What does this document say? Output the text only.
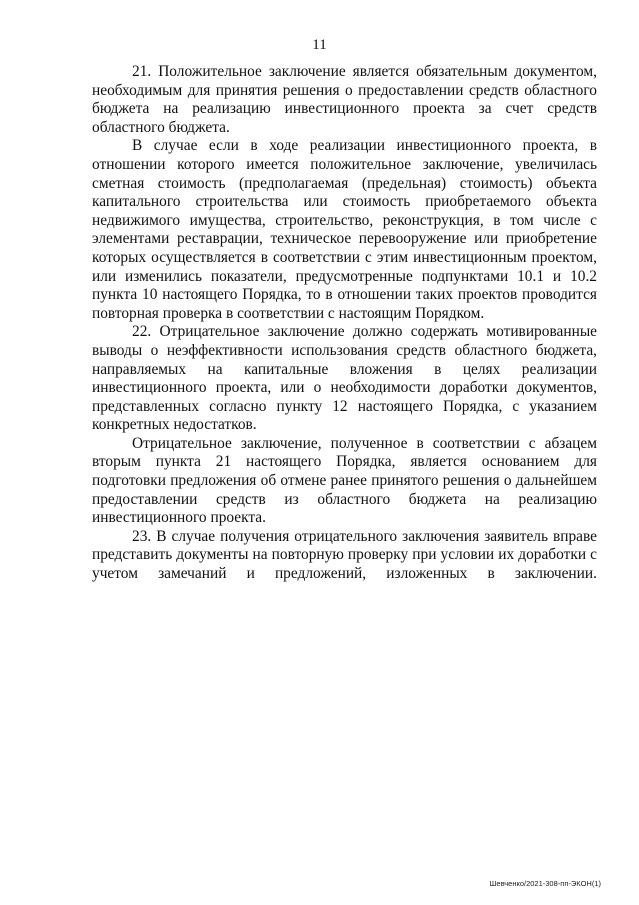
11

21. Положительное заключение является обязательным документом, необходимым для принятия решения о предоставлении средств областного бюджета на реализацию инвестиционного проекта за счет средств областного бюджета.

В случае если в ходе реализации инвестиционного проекта, в отношении которого имеется положительное заключение, увеличилась сметная стоимость (предполагаемая (предельная) стоимость) объекта капитального строительства или стоимость приобретаемого объекта недвижимого имущества, строительство, реконструкция, в том числе с элементами реставрации, техническое перевооружение или приобретение которых осуществляется в соответствии с этим инвестиционным проектом, или изменились показатели, предусмотренные подпунктами 10.1 и 10.2 пункта 10 настоящего Порядка, то в отношении таких проектов проводится повторная проверка в соответствии с настоящим Порядком.

22. Отрицательное заключение должно содержать мотивированные выводы о неэффективности использования средств областного бюджета, направляемых на капитальные вложения в целях реализации инвестиционного проекта, или о необходимости доработки документов, представленных согласно пункту 12 настоящего Порядка, с указанием конкретных недостатков.

Отрицательное заключение, полученное в соответствии с абзацем вторым пункта 21 настоящего Порядка, является основанием для подготовки предложения об отмене ранее принятого решения о дальнейшем предоставлении средств из областного бюджета на реализацию инвестиционного проекта.

23. В случае получения отрицательного заключения заявитель вправе представить документы на повторную проверку при условии их доработки с учетом замечаний и предложений, изложенных в заключении.

Шевченко/2021-308-пп-ЭКОН(1)
